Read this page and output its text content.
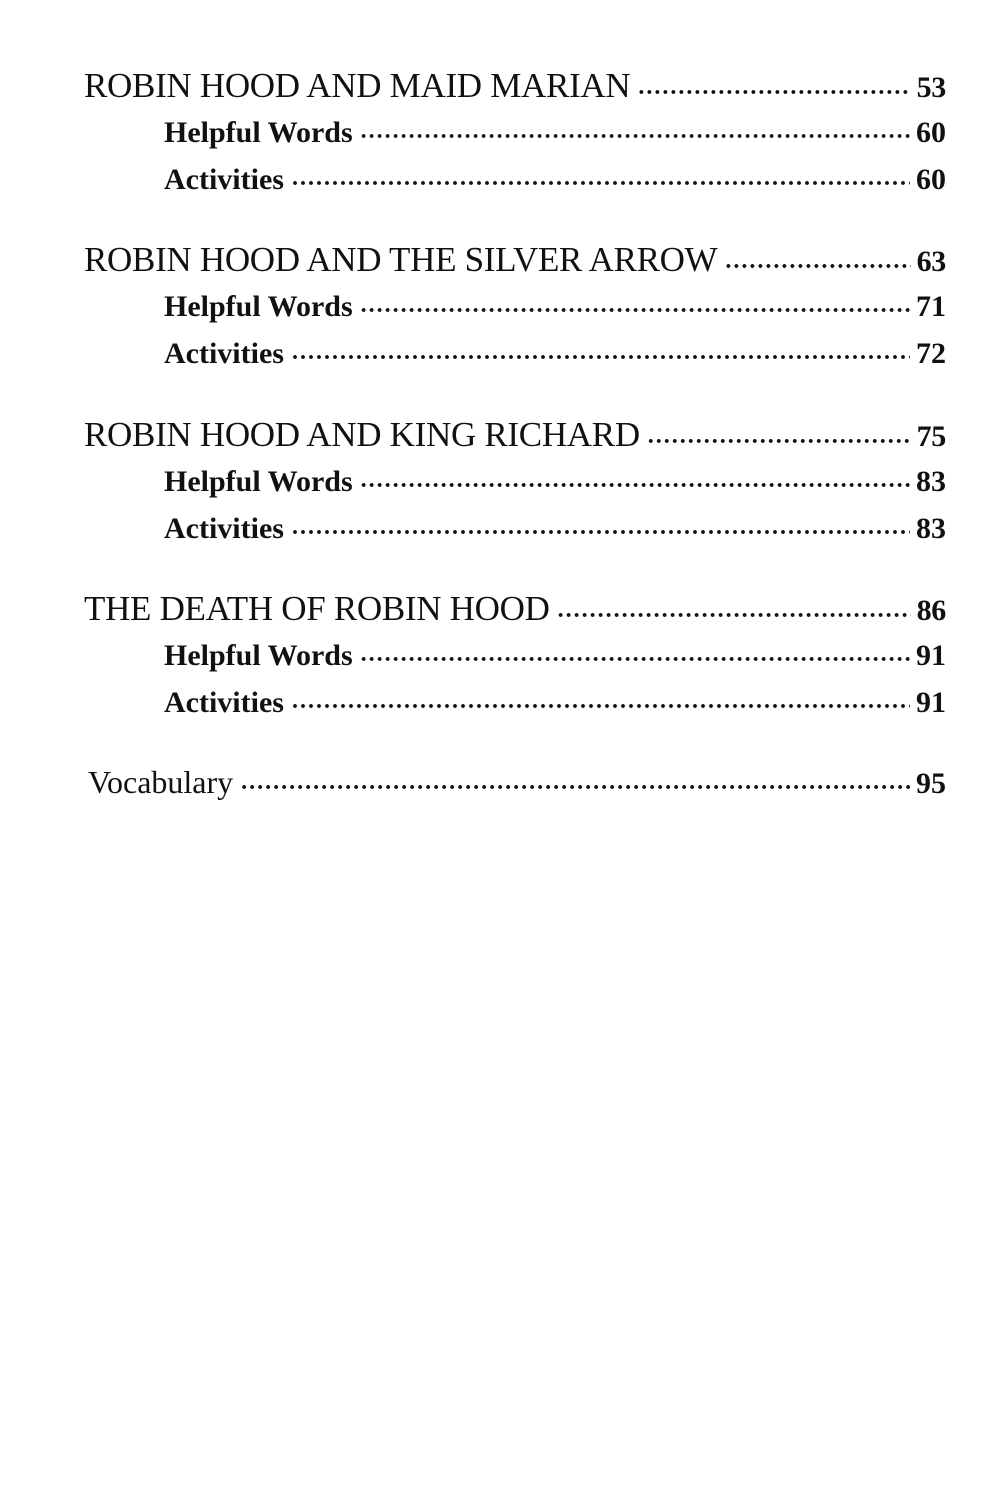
ROBIN HOOD AND MAID MARIAN .....	53
Helpful Words .....	60
Activities .....	60
ROBIN HOOD AND THE SILVER ARROW .....	63
Helpful Words .....	71
Activities .....	72
ROBIN HOOD AND KING RICHARD .....	75
Helpful Words .....	83
Activities .....	83
THE DEATH OF ROBIN HOOD .....	86
Helpful Words .....	91
Activities .....	91
Vocabulary .....	95
